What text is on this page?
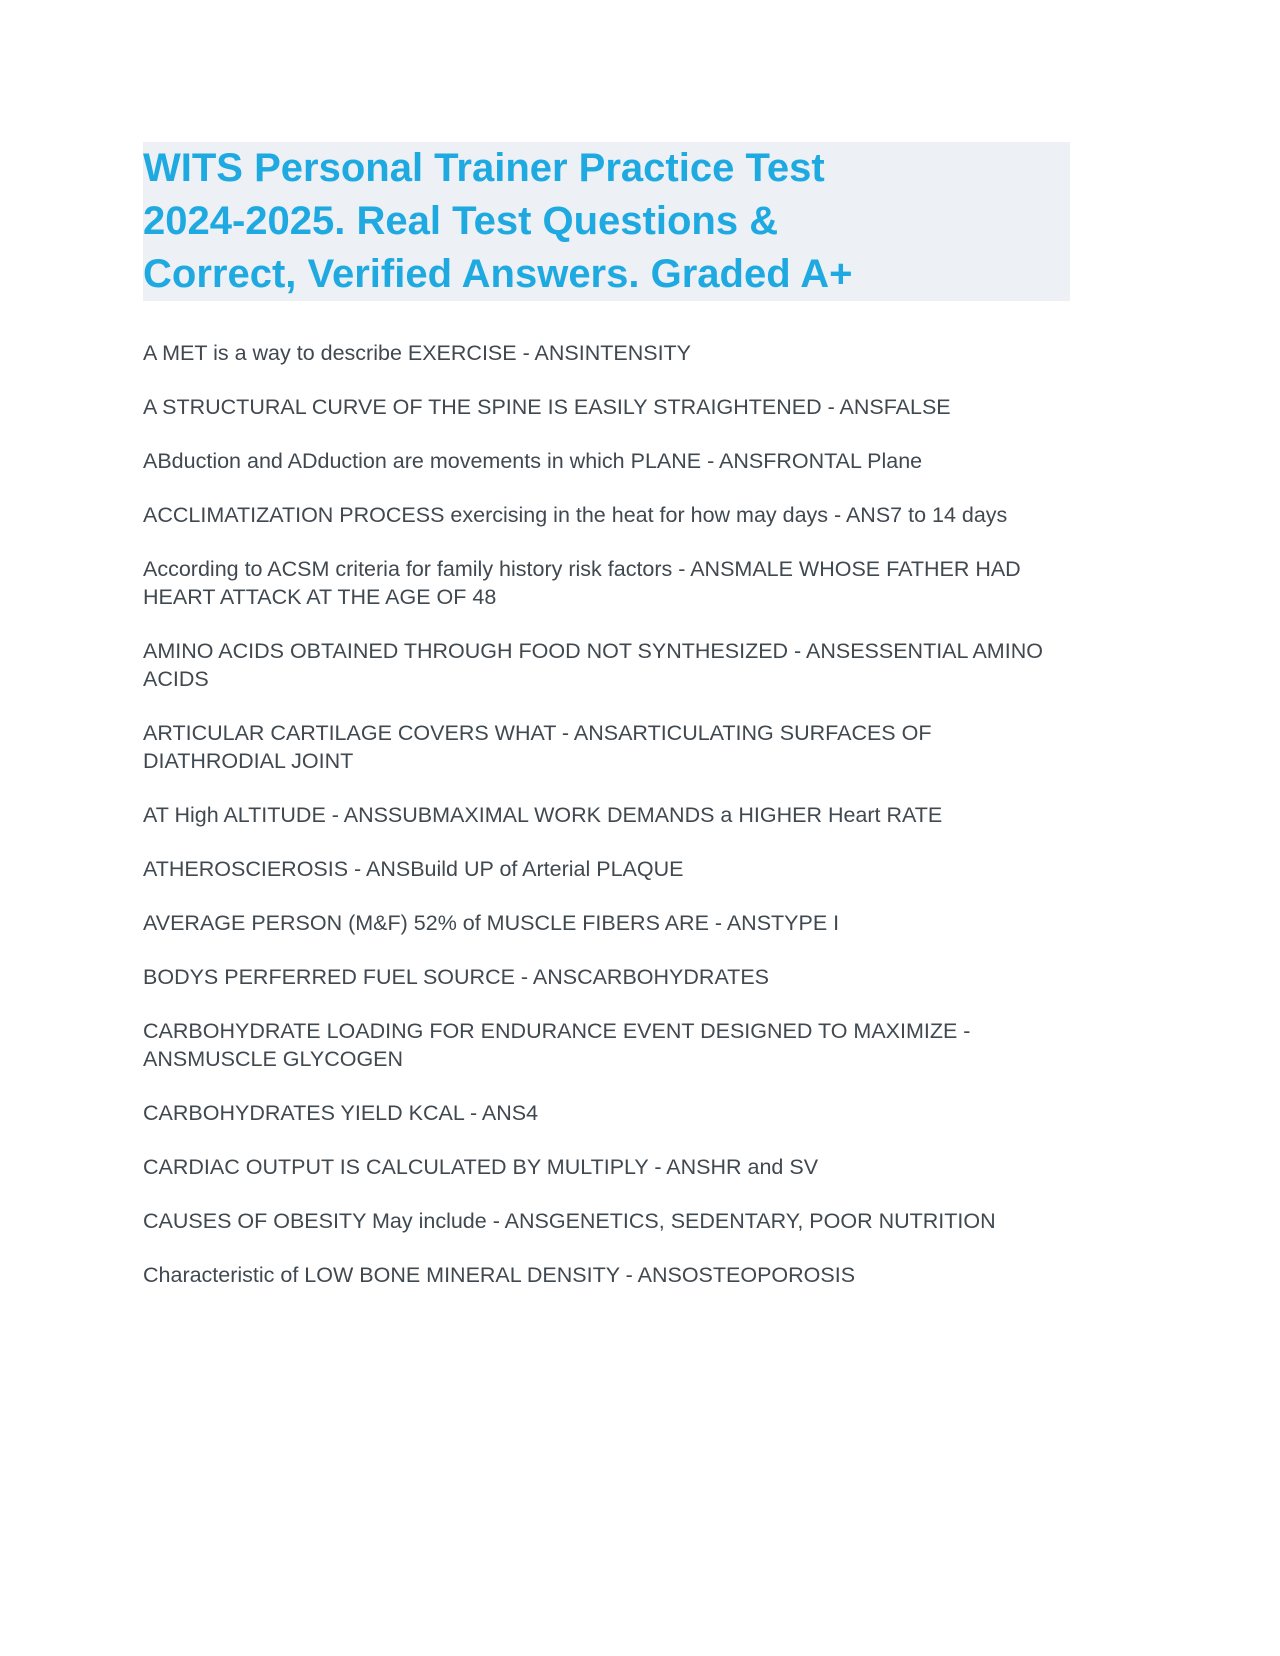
WITS Personal Trainer Practice Test
2024-2025. Real Test Questions &
Correct, Verified Answers. Graded A+

A MET is a way to describe EXERCISE - ANSINTENSITY

A STRUCTURAL CURVE OF THE SPINE IS EASILY STRAIGHTENED - ANSFALSE

ABduction and ADduction are movements in which PLANE - ANSFRONTAL Plane

ACCLIMATIZATION PROCESS exercising in the heat for how may days - ANS7 to 14 days

According to ACSM criteria for family history risk factors - ANSMALE WHOSE FATHER HAD HEART ATTACK AT THE AGE OF 48

AMINO ACIDS OBTAINED THROUGH FOOD NOT SYNTHESIZED - ANSESSENTIAL AMINO ACIDS

ARTICULAR CARTILAGE COVERS WHAT - ANSARTICULATING SURFACES OF DIATHRODIAL JOINT

AT High ALTITUDE - ANSSUBMAXIMAL WORK DEMANDS a HIGHER Heart RATE

ATHEROSCIEROSIS - ANSBuild UP of Arterial PLAQUE

AVERAGE PERSON (M&F) 52% of MUSCLE FIBERS ARE - ANSTYPE I

BODYS PERFERRED FUEL SOURCE - ANSCARBOHYDRATES

CARBOHYDRATE LOADING FOR ENDURANCE EVENT DESIGNED TO MAXIMIZE - ANSMUSCLE GLYCOGEN

CARBOHYDRATES YIELD KCAL - ANS4

CARDIAC OUTPUT IS CALCULATED BY MULTIPLY - ANSHR and SV

CAUSES OF OBESITY May include - ANSGENETICS, SEDENTARY, POOR NUTRITION

Characteristic of LOW BONE MINERAL DENSITY - ANSOSTEOPOROSIS
